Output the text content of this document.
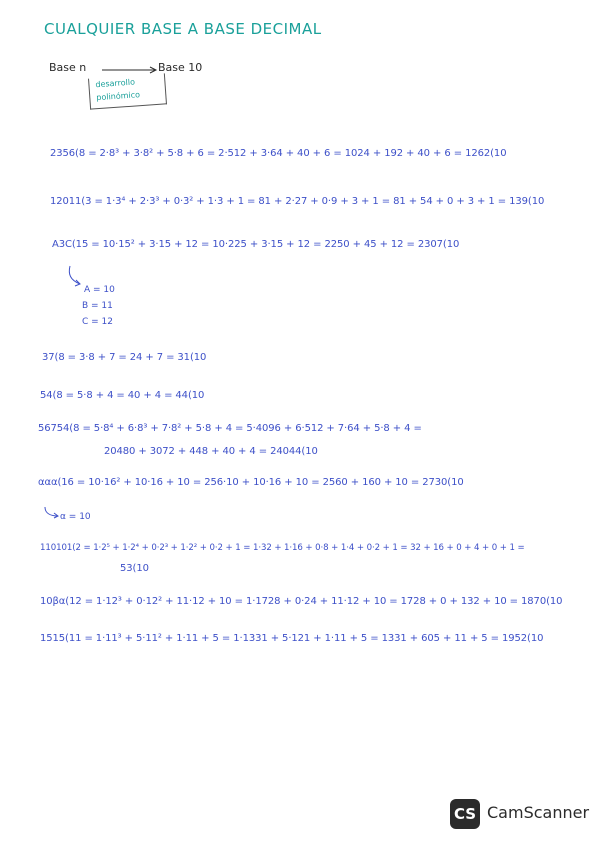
CUALQUIER BASE A BASE DECIMAL
Base n	Base 10
desarrollo
polinómico
2356(8 = 2·8³ + 3·8² + 5·8 + 6 = 2·512 + 3·64 + 40 + 6 = 1024 + 192 + 40 + 6 = 1262(10
12011(3 = 1·3⁴ + 2·3³ + 0·3² + 1·3 + 1 = 81 + 2·27 + 0·9 + 3 + 1 = 81 + 54 + 0 + 3 + 1 = 139(10
A3C(15 = 10·15² + 3·15 + 12 = 10·225 + 3·15 + 12 = 2250 + 45 + 12 = 2307(10
A = 10
B = 11
C = 12
37(8 = 3·8 + 7 = 24 + 7 = 31(10
54(8 = 5·8 + 4 = 40 + 4 = 44(10
56754(8 = 5·8⁴ + 6·8³ + 7·8² + 5·8 + 4 = 5·4096 + 6·512 + 7·64 + 5·8 + 4 =
20480 + 3072 + 448 + 40 + 4 = 24044(10
ααα(16 = 10·16² + 10·16 + 10 = 256·10 + 10·16 + 10 = 2560 + 160 + 10 = 2730(10
α = 10
110101(2 = 1·2⁵ + 1·2⁴ + 0·2³ + 1·2² + 0·2 + 1 = 1·32 + 1·16 + 0·8 + 1·4 + 0·2 + 1 = 32 + 16 + 0 + 4 + 0 + 1 =
53(10
10βα(12 = 1·12³ + 0·12² + 11·12 + 10 = 1·1728 + 0·24 + 11·12 + 10 = 1728 + 0 + 132 + 10 = 1870(10
1515(11 = 1·11³ + 5·11² + 1·11 + 5 = 1·1331 + 5·121 + 1·11 + 5 = 1331 + 605 + 11 + 5 = 1952(10
CS CamScanner
